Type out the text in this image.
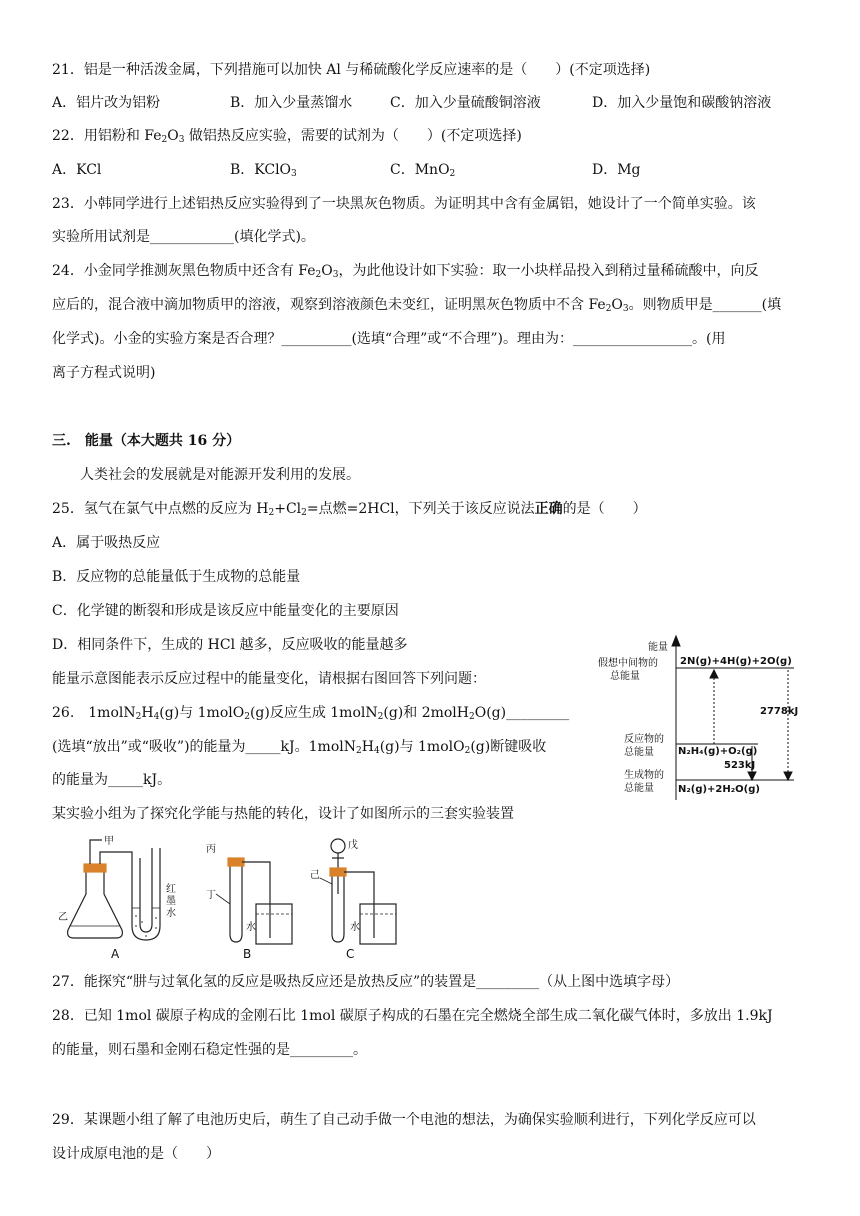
21．铝是一种活泼金属，下列措施可以加快 Al 与稀硫酸化学反应速率的是（　　）(不定项选择)
A．铝片改为铝粉	B．加入少量蒸馏水	C．加入少量硫酸铜溶液	D．加入少量饱和碳酸钠溶液
22．用铝粉和 $Fe_2O_3$ 做铝热反应实验，需要的试剂为（　　）(不定项选择)
A．KCl	B．KClO$_3$	C．MnO$_2$	D．Mg
23．小韩同学进行上述铝热反应实验得到了一块黑灰色物质。为证明其中含有金属铝，她设计了一个简单实验。该
实验所用试剂是____________(填化学式)。
24．小金同学推测灰黑色物质中还含有 $Fe_2O_3$，为此他设计如下实验：取一小块样品投入到稍过量稀硫酸中，向反
应后的，混合液中滴加物质甲的溶液，观察到溶液颜色未变红，证明黑灰色物质中不含 $Fe_2O_3$。则物质甲是_______(填
化学式)。小金的实验方案是否合理？__________(选填“合理”或“不合理”)。理由为：_________________。(用
离子方程式说明)
三.　能量（本大题共 16 分）
人类社会的发展就是对能源开发利用的发展。
25．氢气在氯气中点燃的反应为 $H_2+Cl_2=$点燃=2HCl，下列关于该反应说法正确的是（　　）
A．属于吸热反应
B．反应物的总能量低于生成物的总能量
C．化学键的断裂和形成是该反应中能量变化的主要原因
D．相同条件下，生成的 HCl 越多，反应吸收的能量越多
能量示意图能表示反应过程中的能量变化，请根据右图回答下列问题：
26.　$1molN_2H_4(g)$与 1molO$_2$(g)反应生成 1molN$_2$(g)和 2molH$_2$O(g)_________
(选填“放出”或“吸收”)的能量为_____kJ。$1molN_2H_4(g)$与 1molO$_2$(g)断键吸收
的能量为_____kJ。
某实验小组为了探究化学能与热能的转化，设计了如图所示的三套实验装置
27．能探究“肼与过氧化氢的反应是吸热反应还是放热反应”的装置是_________（从上图中选填字母）
28．已知 1mol 碳原子构成的金刚石比 1mol 碳原子构成的石墨在完全燃烧全部生成二氧化碳气体时，多放出 1.9kJ
的能量，则石墨和金刚石稳定性强的是_________。
29．某课题小组了解了电池历史后，萌生了自己动手做一个电池的想法，为确保实验顺利进行，下列化学反应可以
设计成原电池的是（　　）
能量
假想中间物的
总能量
2N(g)+4H(g)+2O(g)
反应物的
总能量 N₂H₄(g)+O₂(g)
生成物的
总能量 N₂(g)+2H₂O(g)
2778kJ
523kJ
甲
乙
红
墨
水
A
丙
丁
水
B
戊
己
水
C
